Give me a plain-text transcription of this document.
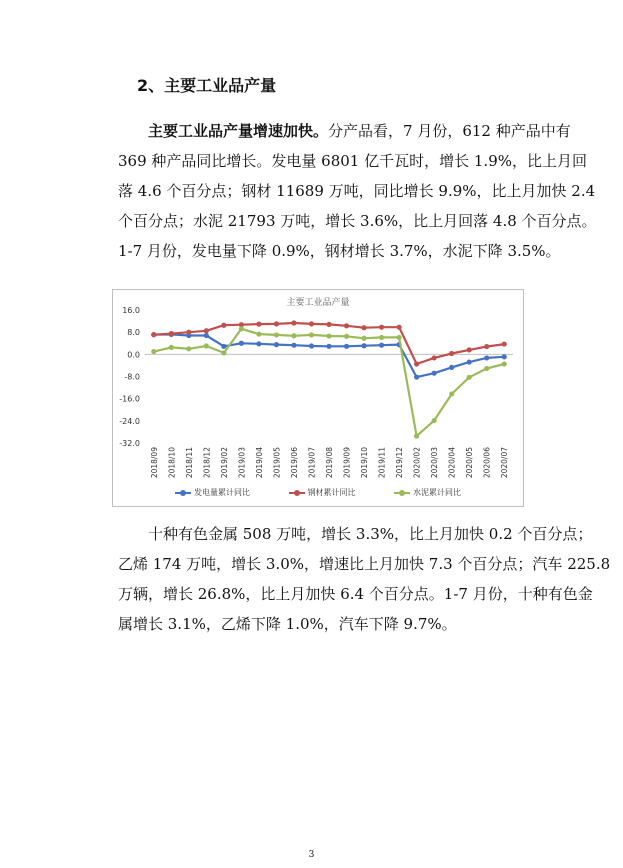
2、主要工业品产量
主要工业品产量增速加快。分产品看，7 月份，612 种产品中有
369 种产品同比增长。发电量 6801 亿千瓦时，增长 1.9%，比上月回
落 4.6 个百分点；钢材 11689 万吨，同比增长 9.9%，比上月加快 2.4
个百分点；水泥 21793 万吨，增长 3.6%，比上月回落 4.8 个百分点。
1-7 月份，发电量下降 0.9%，钢材增长 3.7%，水泥下降 3.5%。
主要工业品产量
16.0
8.0
0.0
-8.0
-16.0
-24.0
-32.0
2018/09 2018/10 2018/11 2018/12 2019/02 2019/03 2019/04 2019/05 2019/06 2019/07 2019/08 2019/09 2019/10 2019/11 2019/12 2020/02 2020/03 2020/04 2020/05 2020/06 2020/07
发电量累计同比	钢材累计同比	水泥累计同比
十种有色金属 508 万吨，增长 3.3%，比上月加快 0.2 个百分点；
乙烯 174 万吨，增长 3.0%，增速比上月加快 7.3 个百分点；汽车 225.8
万辆，增长 26.8%，比上月加快 6.4 个百分点。1-7 月份，十种有色金
属增长 3.1%，乙烯下降 1.0%，汽车下降 9.7%。
3
